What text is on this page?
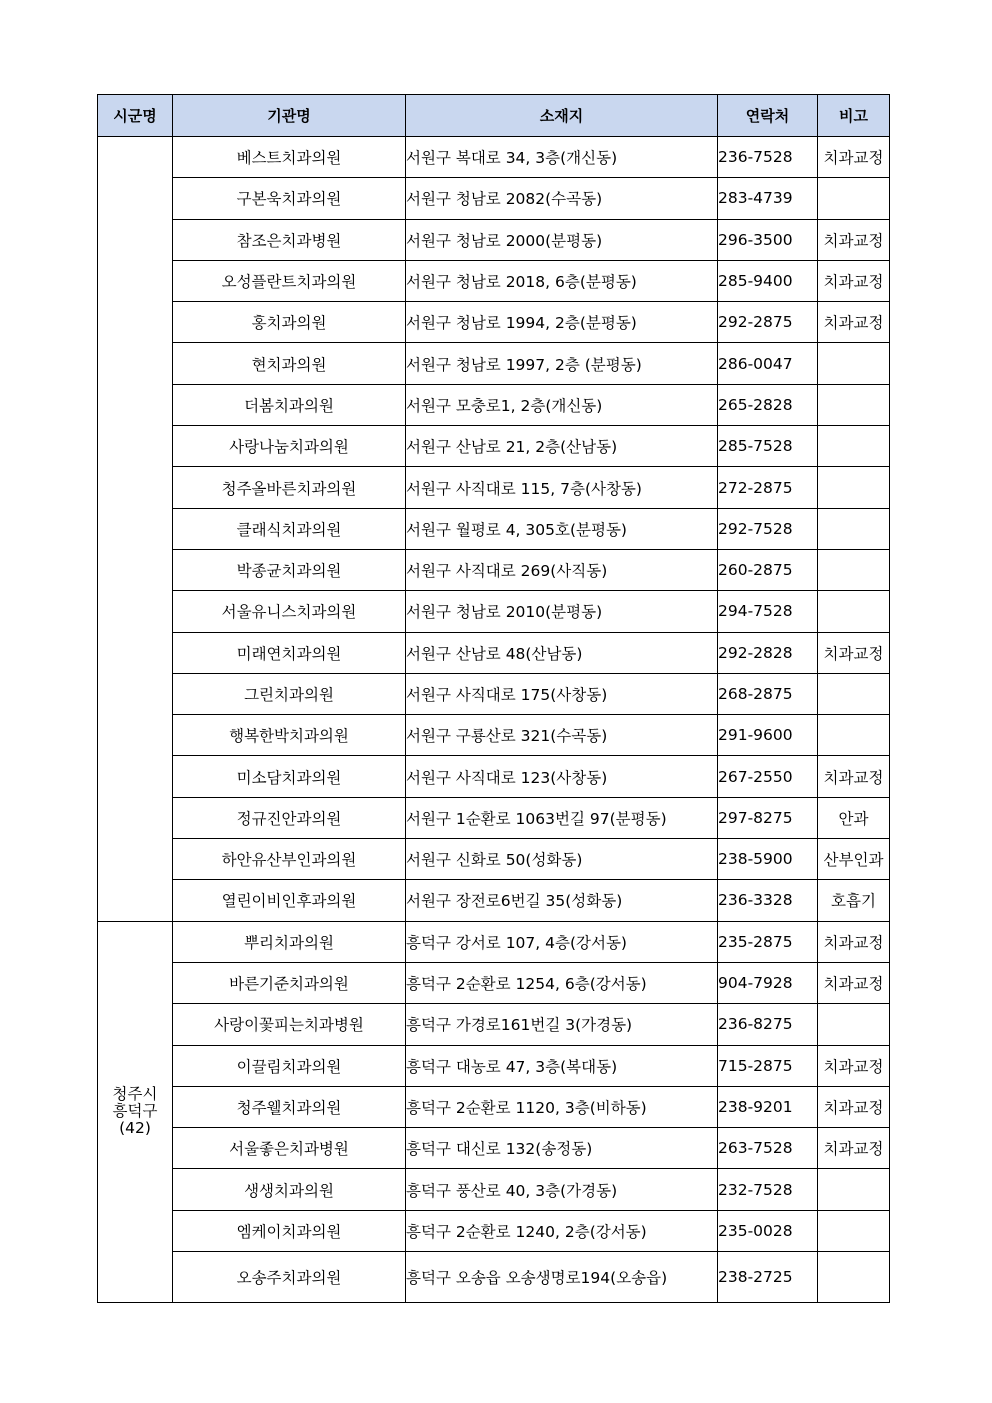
시군명	기관명	소재지	연락처	비고
	베스트치과의원	서원구 복대로 34, 3층(개신동)	236-7528	치과교정
	구본욱치과의원	서원구 청남로 2082(수곡동)	283-4739	
	참조은치과병원	서원구 청남로 2000(분평동)	296-3500	치과교정
	오성플란트치과의원	서원구 청남로 2018, 6층(분평동)	285-9400	치과교정
	홍치과의원	서원구 청남로 1994, 2층(분평동)	292-2875	치과교정
	현치과의원	서원구 청남로 1997, 2층 (분평동)	286-0047	
	더봄치과의원	서원구 모충로1, 2층(개신동)	265-2828	
	사랑나눔치과의원	서원구 산남로 21, 2층(산남동)	285-7528	
	청주올바른치과의원	서원구 사직대로 115, 7층(사창동)	272-2875	
	클래식치과의원	서원구 월평로 4, 305호(분평동)	292-7528	
	박종균치과의원	서원구 사직대로 269(사직동)	260-2875	
	서울유니스치과의원	서원구 청남로 2010(분평동)	294-7528	
	미래연치과의원	서원구 산남로 48(산남동)	292-2828	치과교정
	그린치과의원	서원구 사직대로 175(사창동)	268-2875	
	행복한박치과의원	서원구 구룡산로 321(수곡동)	291-9600	
	미소담치과의원	서원구 사직대로 123(사창동)	267-2550	치과교정
	정규진안과의원	서원구 1순환로 1063번길 97(분평동)	297-8275	안과
	하안유산부인과의원	서원구 신화로 50(성화동)	238-5900	산부인과
	열린이비인후과의원	서원구 장전로6번길 35(성화동)	236-3328	호흡기

청주시
흥덕구
(42)	뿌리치과의원	흥덕구 강서로 107, 4층(강서동)	235-2875	치과교정
	바른기준치과의원	흥덕구 2순환로 1254, 6층(강서동)	904-7928	치과교정
	사랑이꽃피는치과병원	흥덕구 가경로161번길 3(가경동)	236-8275	
	이끌림치과의원	흥덕구 대농로 47, 3층(복대동)	715-2875	치과교정
	청주웰치과의원	흥덕구 2순환로 1120, 3층(비하동)	238-9201	치과교정
	서울좋은치과병원	흥덕구 대신로 132(송정동)	263-7528	치과교정
	생생치과의원	흥덕구 풍산로 40, 3층(가경동)	232-7528	
	엠케이치과의원	흥덕구 2순환로 1240, 2층(강서동)	235-0028	
	오송주치과의원	흥덕구 오송읍 오송생명로194(오송읍)	238-2725	
